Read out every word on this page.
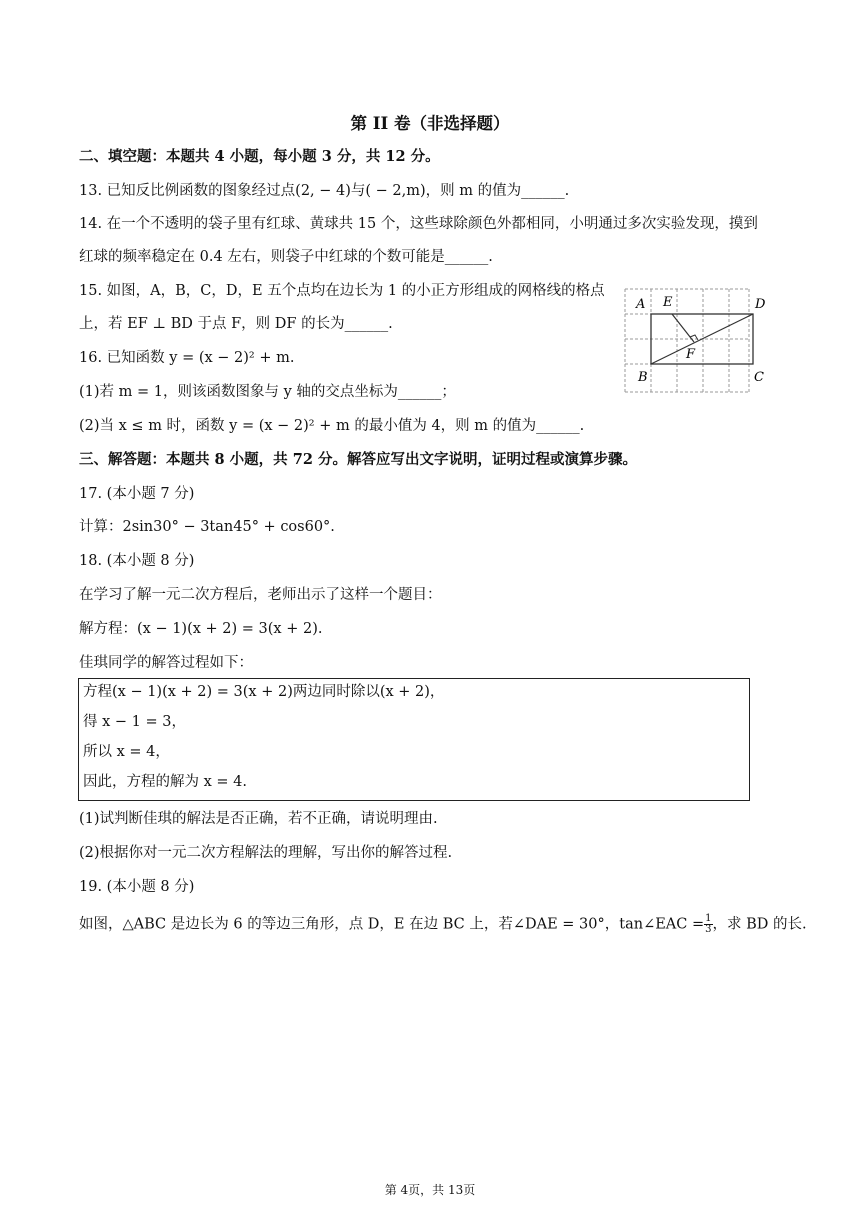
第 II 卷（非选择题）
二、填空题：本题共 4 小题，每小题 3 分，共 12 分。
13. 已知反比例函数的图象经过点(2, − 4)与( − 2,m)，则 m 的值为______.
14. 在一个不透明的袋子里有红球、黄球共 15 个，这些球除颜色外都相同，小明通过多次实验发现，摸到
红球的频率稳定在 0.4 左右，则袋子中红球的个数可能是______.
15. 如图，A，B，C，D，E 五个点均在边长为 1 的小正方形组成的网格线的格点
上，若 EF ⊥ BD 于点 F，则 DF 的长为______.
16. 已知函数 y = (x − 2)² + m.
(1)若 m = 1，则该函数图象与 y 轴的交点坐标为______；
(2)当 x ≤ m 时，函数 y = (x − 2)² + m 的最小值为 4，则 m 的值为______.
A E	D
F
B	C
三、解答题：本题共 8 小题，共 72 分。解答应写出文字说明，证明过程或演算步骤。
17. (本小题 7 分)
计算：2sin30° − 3tan45° + cos60°.
18. (本小题 8 分)
在学习了解一元二次方程后，老师出示了这样一个题目：
解方程：(x − 1)(x + 2) = 3(x + 2).
佳琪同学的解答过程如下：
方程(x − 1)(x + 2) = 3(x + 2)两边同时除以(x + 2)，
得 x − 1 = 3，
所以 x = 4，
因此，方程的解为 x = 4.
(1)试判断佳琪的解法是否正确，若不正确，请说明理由.
(2)根据你对一元二次方程解法的理解，写出你的解答过程.
19. (本小题 8 分)
如图，△ABC 是边长为 6 的等边三角形，点 D，E 在边 BC 上，若∠DAE = 30°，tan∠EAC = $\frac{1}{3}$ ，求 BD 的长.
第 4页，共 13页
